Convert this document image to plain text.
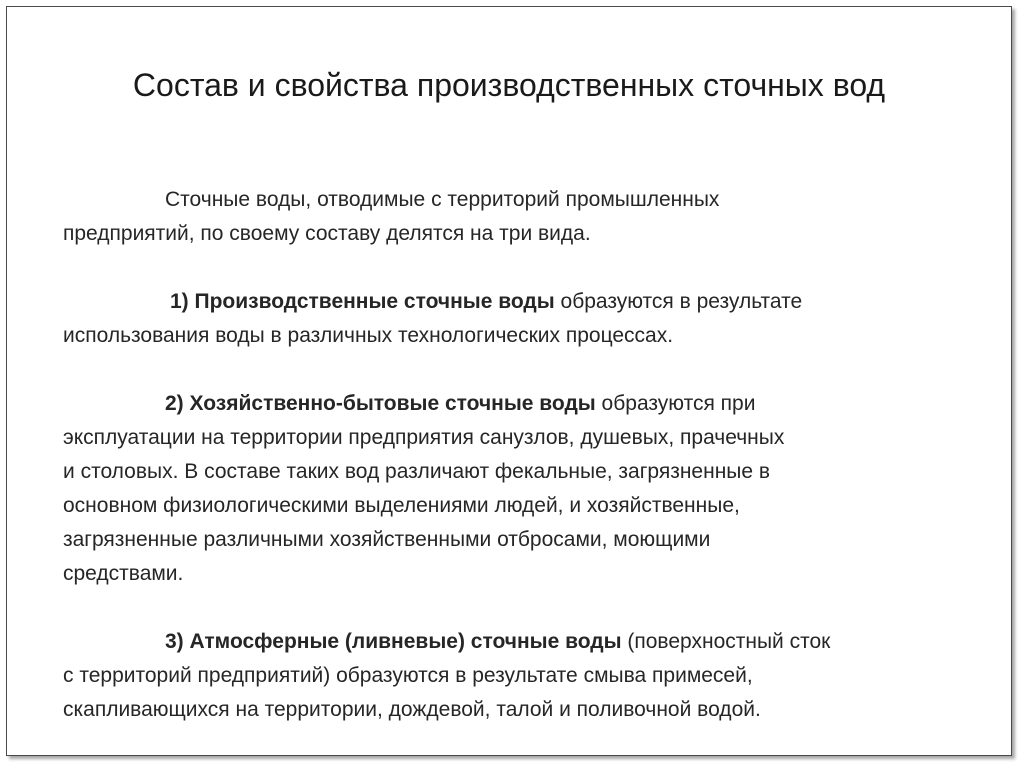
Состав и свойства производственных сточных вод

Сточные воды, отводимые с территорий промышленных
предприятий, по своему составу делятся на три вида.

1) Производственные сточные воды образуются в результате
использования воды в различных технологических процессах.

2) Хозяйственно-бытовые сточные воды образуются при
эксплуатации на территории предприятия санузлов, душевых, прачечных
и столовых. В составе таких вод различают фекальные, загрязненные в
основном физиологическими выделениями людей, и хозяйственные,
загрязненные различными хозяйственными отбросами, моющими
средствами.

3) Атмосферные (ливневые) сточные воды (поверхностный сток
с территорий предприятий) образуются в результате смыва примесей,
скапливающихся на территории, дождевой, талой и поливочной водой.
